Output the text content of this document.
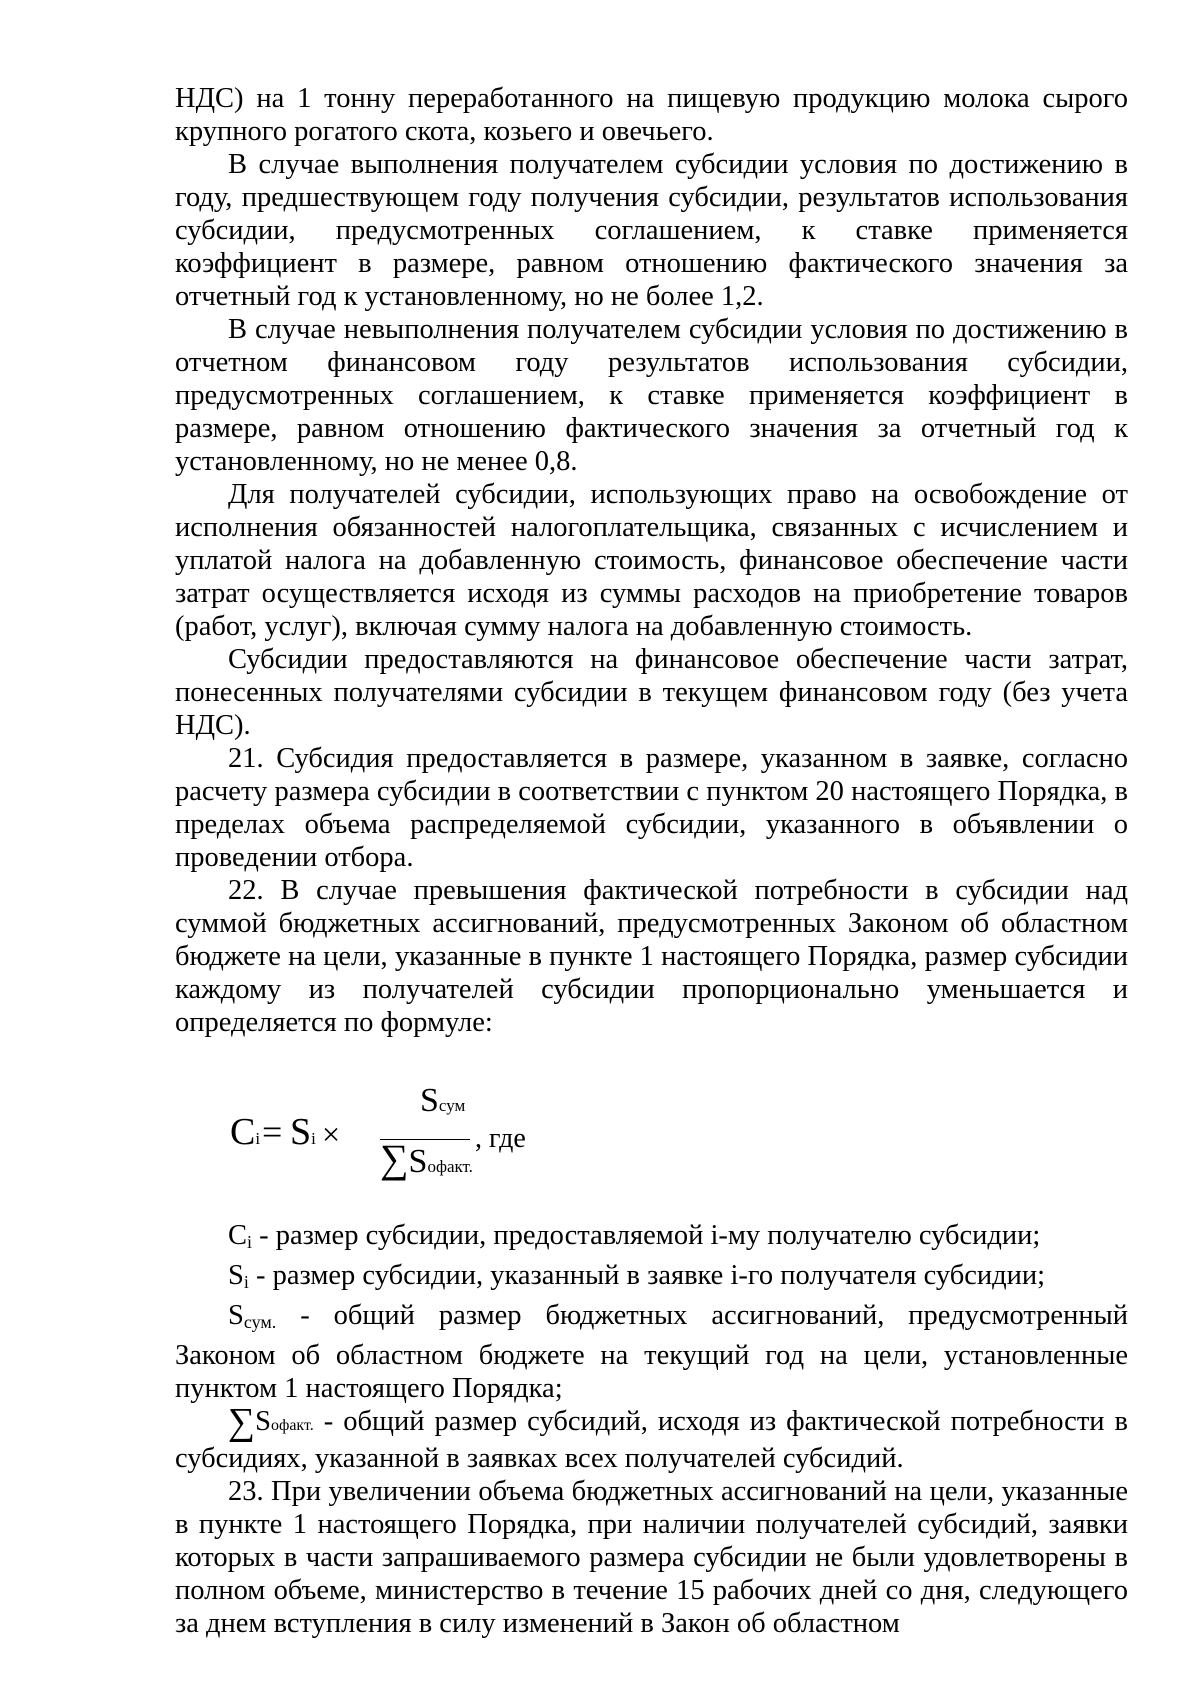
НДС) на 1 тонну переработанного на пищевую продукцию молока сырого крупного рогатого скота, козьего и овечьего.

В случае выполнения получателем субсидии условия по достижению в году, предшествующем году получения субсидии, результатов использования субсидии, предусмотренных соглашением, к ставке применяется коэффициент в размере, равном отношению фактического значения за отчетный год к установленному, но не более 1,2.

В случае невыполнения получателем субсидии условия по достижению в отчетном финансовом году результатов использования субсидии, предусмотренных соглашением, к ставке применяется коэффициент в размере, равном отношению фактического значения за отчетный год к установленному, но не менее 0,8.

Для получателей субсидии, использующих право на освобождение от исполнения обязанностей налогоплательщика, связанных с исчислением и уплатой налога на добавленную стоимость, финансовое обеспечение части затрат осуществляется исходя из суммы расходов на приобретение товаров (работ, услуг), включая сумму налога на добавленную стоимость.

Субсидии предоставляются на финансовое обеспечение части затрат, понесенных получателями субсидии в текущем финансовом году (без учета НДС).

21. Субсидия предоставляется в размере, указанном в заявке, согласно расчету размера субсидии в соответствии с пунктом 20 настоящего Порядка, в пределах объема распределяемой субсидии, указанного в объявлении о проведении отбора.

22. В случае превышения фактической потребности в субсидии над суммой бюджетных ассигнований, предусмотренных Законом об областном бюджете на цели, указанные в пункте 1 настоящего Порядка, размер субсидии каждому из получателей субсидии пропорционально уменьшается и определяется по формуле:

Ci = Si ×
Sсум
∑Sофакт.
, где

$C_i$ - размер субсидии, предоставляемой i-му получателю субсидии;

$S_i$ - размер субсидии, указанный в заявке i-го получателя субсидии;

$S_{сум.}$ - общий размер бюджетных ассигнований, предусмотренный Законом об областном бюджете на текущий год на цели, установленные пунктом 1 настоящего Порядка;

∑Sофакт. - общий размер субсидий, исходя из фактической потребности в субсидиях, указанной в заявках всех получателей субсидий.

23. При увеличении объема бюджетных ассигнований на цели, указанные в пункте 1 настоящего Порядка, при наличии получателей субсидий, заявки которых в части запрашиваемого размера субсидии не были удовлетворены в полном объеме, министерство в течение 15 рабочих дней со дня, следующего за днем вступления в силу изменений в Закон об областном
